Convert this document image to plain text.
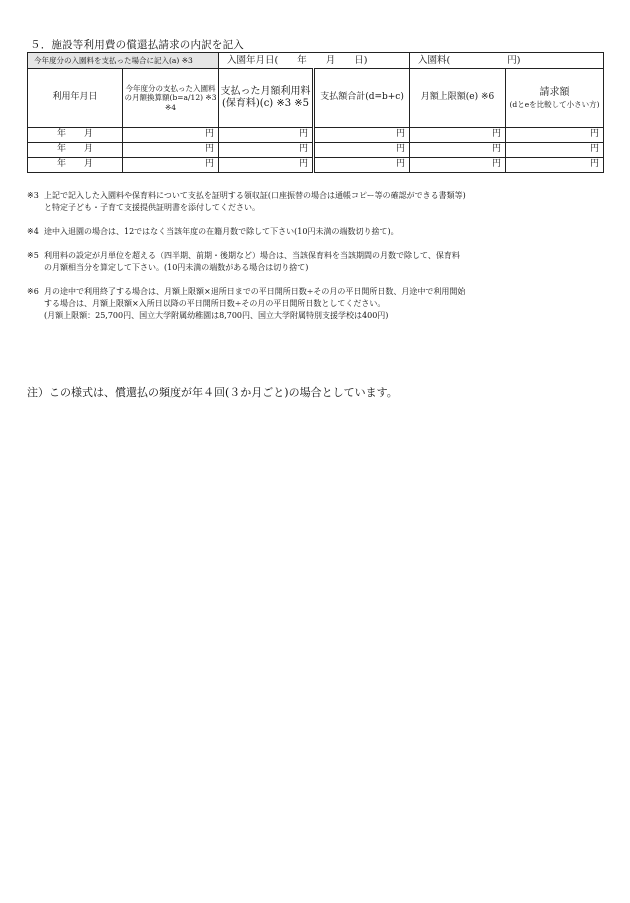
５．施設等利用費の償還払請求の内訳を記入
今年度分の入園料を支払った場合に記入(a) ※3		入園年月日(　　年　　月　　日)		入園料(　　　　　　円)	
利用年月日	今年度分の支払った入園料の月額換算額(b=a/12) ※3 ※4	支払った月額利用料(保育料)(c) ※3 ※5	支払額合計(d=b+c)	月額上限額(e) ※6	請求額
(dとeを比較して小さい方)

年　　月	円	円	円	円	円
年　　月	円	円	円	円	円
年　　月	円	円	円	円	円
※3 上記で記入した入園料や保育料について支払を証明する領収証(口座振替の場合は通帳コピー等の確認ができる書類等)
と特定子ども・子育て支援提供証明書を添付してください。
※4 途中入退園の場合は、12ではなく当該年度の在籍月数で除して下さい(10円未満の端数切り捨て)。
※5 利用料の設定が月単位を超える（四半期、前期・後期など）場合は、当該保育料を当該期間の月数で除して、保育料
の月額相当分を算定して下さい。(10円未満の端数がある場合は切り捨て)
※6 月の途中で利用終了する場合は、月額上限額×退所日までの平日開所日数÷その月の平日開所日数、月途中で利用開始
する場合は、月額上限額×入所日以降の平日開所日数÷その月の平日開所日数としてください。
(月額上限額：25,700円、国立大学附属幼稚園は8,700円、国立大学附属特別支援学校は400円)
注）この様式は、償還払の頻度が年４回(３か月ごと)の場合としています。
